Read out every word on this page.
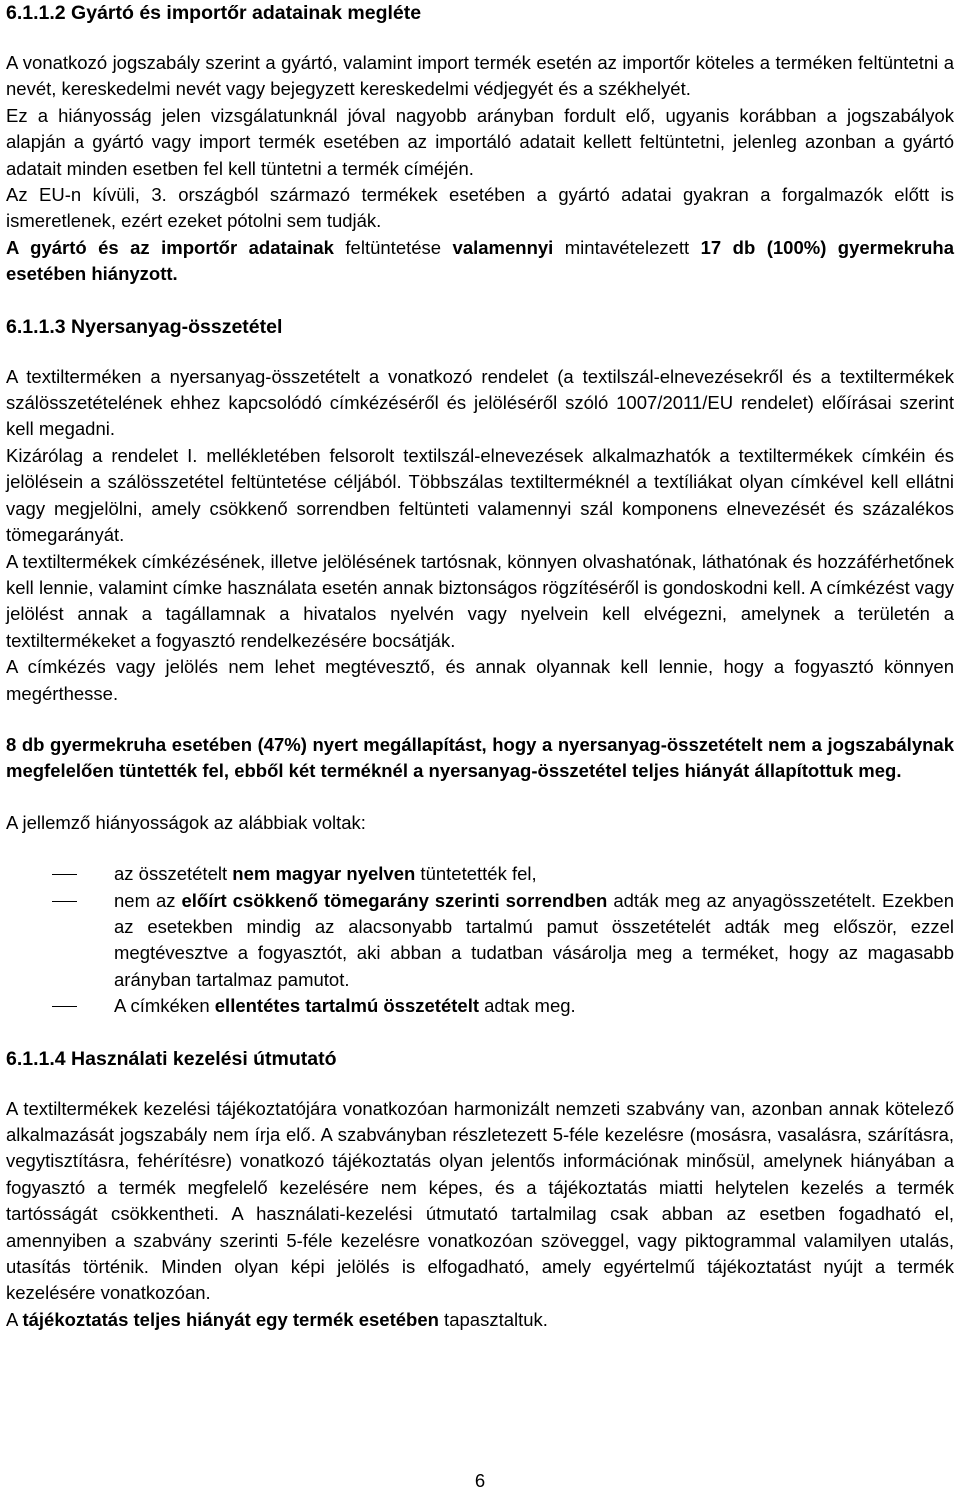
6.1.1.2 Gyártó és importőr adatainak megléte

A vonatkozó jogszabály szerint a gyártó, valamint import termék esetén az importőr köteles a terméken feltüntetni a nevét, kereskedelmi nevét vagy bejegyzett kereskedelmi védjegyét és a székhelyét.

Ez a hiányosság jelen vizsgálatunknál jóval nagyobb arányban fordult elő, ugyanis korábban a jogszabályok alapján a gyártó vagy import termék esetében az importáló adatait kellett feltüntetni, jelenleg azonban a gyártó adatait minden esetben fel kell tüntetni a termék címéjén.

Az EU-n kívüli, 3. országból származó termékek esetében a gyártó adatai gyakran a forgalmazók előtt is ismeretlenek, ezért ezeket pótolni sem tudják.

A gyártó és az importőr adatainak feltüntetése valamennyi mintavételezett 17 db (100%) gyermekruha esetében hiányzott.

6.1.1.3 Nyersanyag-összetétel

A textilterméken a nyersanyag-összetételt a vonatkozó rendelet (a textilszál-elnevezésekről és a textiltermékek szálösszetételének ehhez kapcsolódó címkézéséről és jelöléséről szóló 1007/2011/EU rendelet) előírásai szerint kell megadni.

Kizárólag a rendelet I. mellékletében felsorolt textilszál-elnevezések alkalmazhatók a textiltermékek címkéin és jelölésein a szálösszetétel feltüntetése céljából. Többszálas textilterméknél a textíliákat olyan címkével kell ellátni vagy megjelölni, amely csökkenő sorrendben feltünteti valamennyi szál komponens elnevezését és százalékos tömegarányát.

A textiltermékek címkézésének, illetve jelölésének tartósnak, könnyen olvashatónak, láthatónak és hozzáférhetőnek kell lennie, valamint címke használata esetén annak biztonságos rögzítéséről is gondoskodni kell. A címkézést vagy jelölést annak a tagállamnak a hivatalos nyelvén vagy nyelvein kell elvégezni, amelynek a területén a textiltermékeket a fogyasztó rendelkezésére bocsátják.

A címkézés vagy jelölés nem lehet megtévesztő, és annak olyannak kell lennie, hogy a fogyasztó könnyen megérthesse.

8 db gyermekruha esetében (47%) nyert megállapítást, hogy a nyersanyag-összetételt nem a jogszabálynak megfelelően tüntették fel, ebből két terméknél a nyersanyag-összetétel teljes hiányát állapítottuk meg.

A jellemző hiányosságok az alábbiak voltak:

az összetételt nem magyar nyelven tüntetették fel,
nem az előírt csökkenő tömegarány szerinti sorrendben adták meg az anyagösszetételt. Ezekben az esetekben mindig az alacsonyabb tartalmú pamut összetételét adták meg először, ezzel megtévesztve a fogyasztót, aki abban a tudatban vásárolja meg a terméket, hogy az magasabb arányban tartalmaz pamutot.
A címkéken ellentétes tartalmú összetételt adtak meg.
6.1.1.4 Használati kezelési útmutató

A textiltermékek kezelési tájékoztatójára vonatkozóan harmonizált nemzeti szabvány van, azonban annak kötelező alkalmazását jogszabály nem írja elő. A szabványban részletezett 5-féle kezelésre (mosásra, vasalásra, szárításra, vegytisztításra, fehérítésre) vonatkozó tájékoztatás olyan jelentős információnak minősül, amelynek hiányában a fogyasztó a termék megfelelő kezelésére nem képes, és a tájékoztatás miatti helytelen kezelés a termék tartósságát csökkentheti. A használati-kezelési útmutató tartalmilag csak abban az esetben fogadható el, amennyiben a szabvány szerinti 5-féle kezelésre vonatkozóan szöveggel, vagy piktogrammal valamilyen utalás, utasítás történik. Minden olyan képi jelölés is elfogadható, amely egyértelmű tájékoztatást nyújt a termék kezelésére vonatkozóan.

A tájékoztatás teljes hiányát egy termék esetében tapasztaltuk.

6
